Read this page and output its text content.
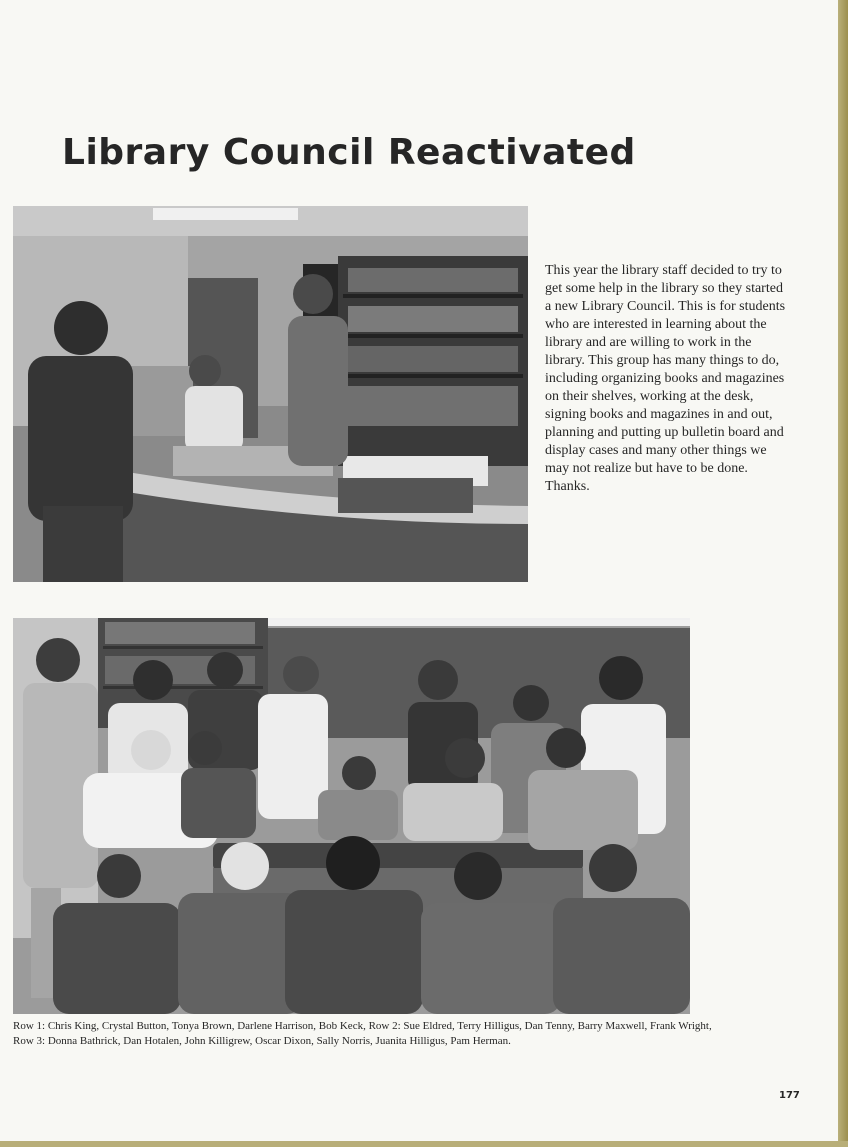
Library Council Reactivated

This year the library staff decided to try to get some help in the library so they started a new Library Council. This is for students who are interested in learning about the library and are willing to work in the library. This group has many things to do, including organizing books and magazines on their shelves, working at the desk, signing books and magazines in and out, planning and putting up bulletin board and display cases and many other things we may not realize but have to be done. Thanks.

Row 1: Chris King, Crystal Button, Tonya Brown, Darlene Harrison, Bob Keck, Row 2: Sue Eldred, Terry Hilligus, Dan Tenny, Barry Maxwell, Frank Wright, Row 3: Donna Bathrick, Dan Hotalen, John Killigrew, Oscar Dixon, Sally Norris, Juanita Hilligus, Pam Herman.

177
